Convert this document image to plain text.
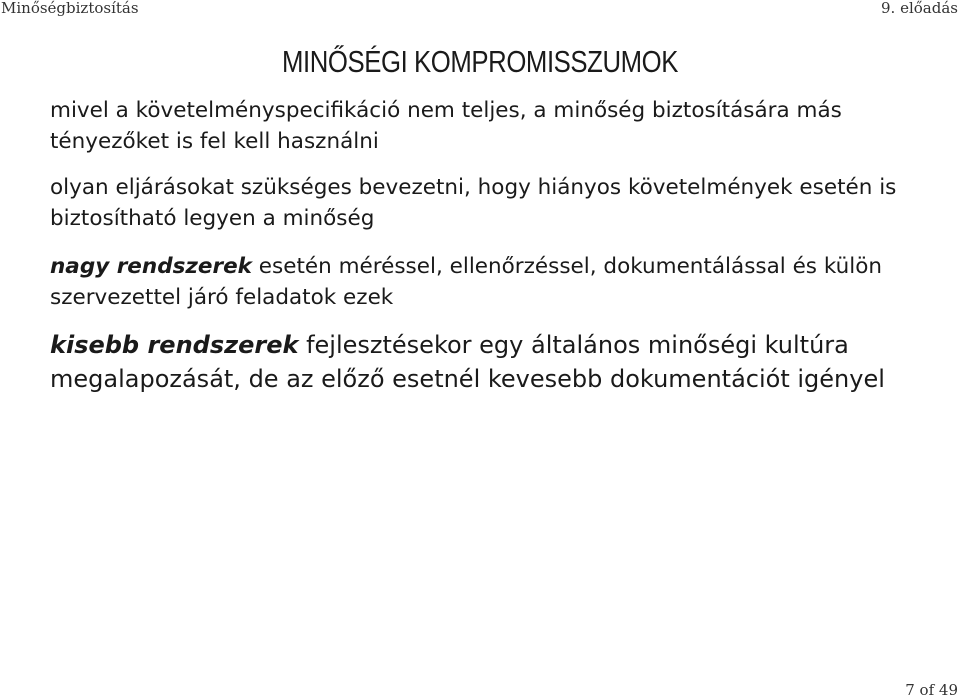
Minőségbiztosítás	9. előadás
MINŐSÉGI KOMPROMISSZUMOK

mivel a követelményspecifikáció nem teljes, a minőség biztosítására más tényezőket is fel kell használni

olyan eljárásokat szükséges bevezetni, hogy hiányos követelmények esetén is biztosítható legyen a minőség

nagy rendszerek esetén méréssel, ellenőrzéssel, dokumentálással és külön szervezettel járó feladatok ezek

kisebb rendszerek fejlesztésekor egy általános minőségi kultúra megalapozását, de az előző esetnél kevesebb dokumentációt igényel

7 of 49
